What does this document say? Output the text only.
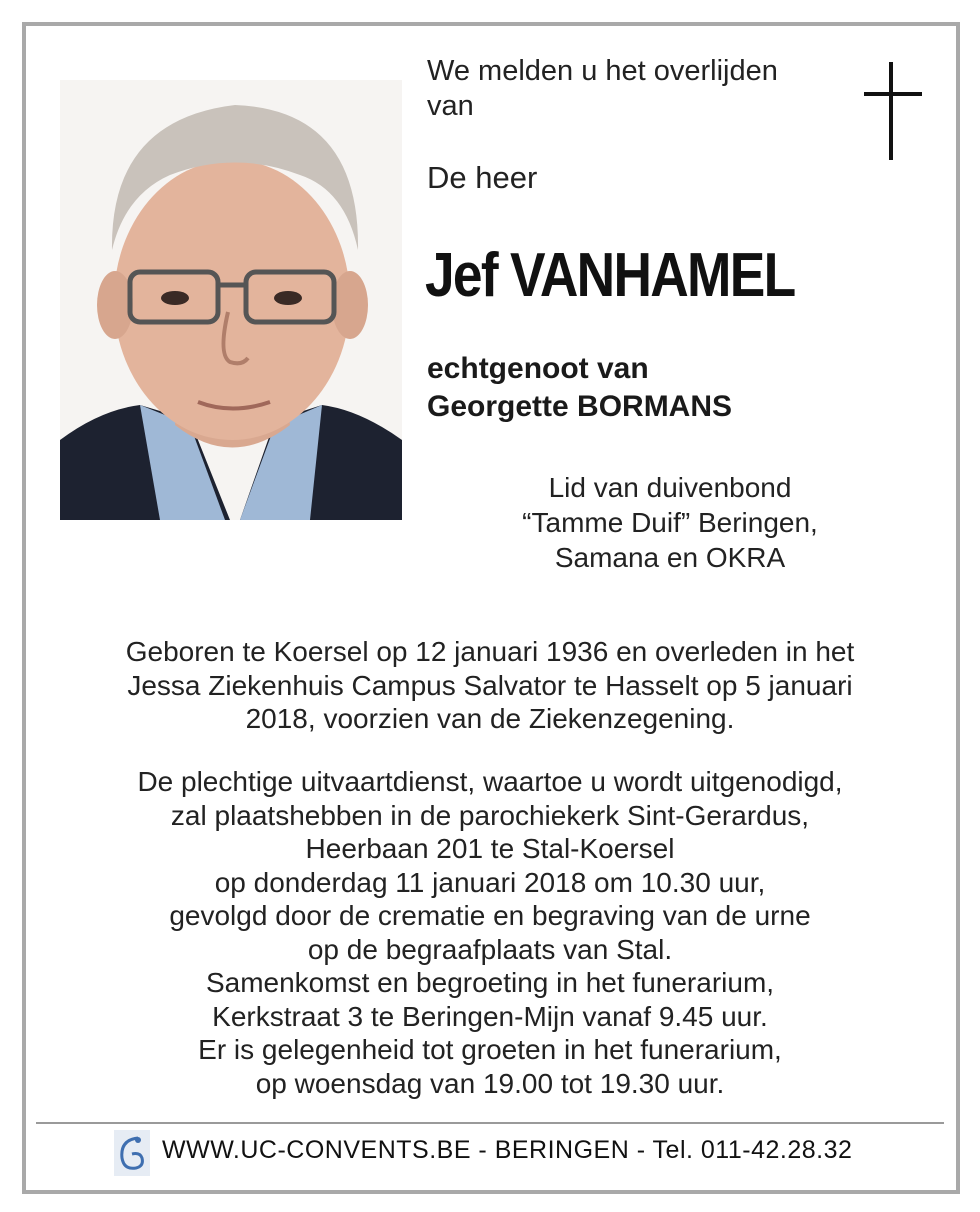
We melden u het overlijden
van
De heer
Jef VANHAMEL
echtgenoot van
Georgette BORMANS
Lid van duivenbond
“Tamme Duif” Beringen,
Samana en OKRA
Geboren te Koersel op 12 januari 1936 en overleden in het
Jessa Ziekenhuis Campus Salvator te Hasselt op 5 januari
2018, voorzien van de Ziekenzegening.
De plechtige uitvaartdienst, waartoe u wordt uitgenodigd,
zal plaatshebben in de parochiekerk Sint-Gerardus,
Heerbaan 201 te Stal-Koersel
op donderdag 11 januari 2018 om 10.30 uur,
gevolgd door de crematie en begraving van de urne
op de begraafplaats van Stal.
Samenkomst en begroeting in het funerarium,
Kerkstraat 3 te Beringen-Mijn vanaf 9.45 uur.
Er is gelegenheid tot groeten in het funerarium,
op woensdag van 19.00 tot 19.30 uur.
WWW.UC-CONVENTS.BE - BERINGEN - Tel. 011-42.28.32
